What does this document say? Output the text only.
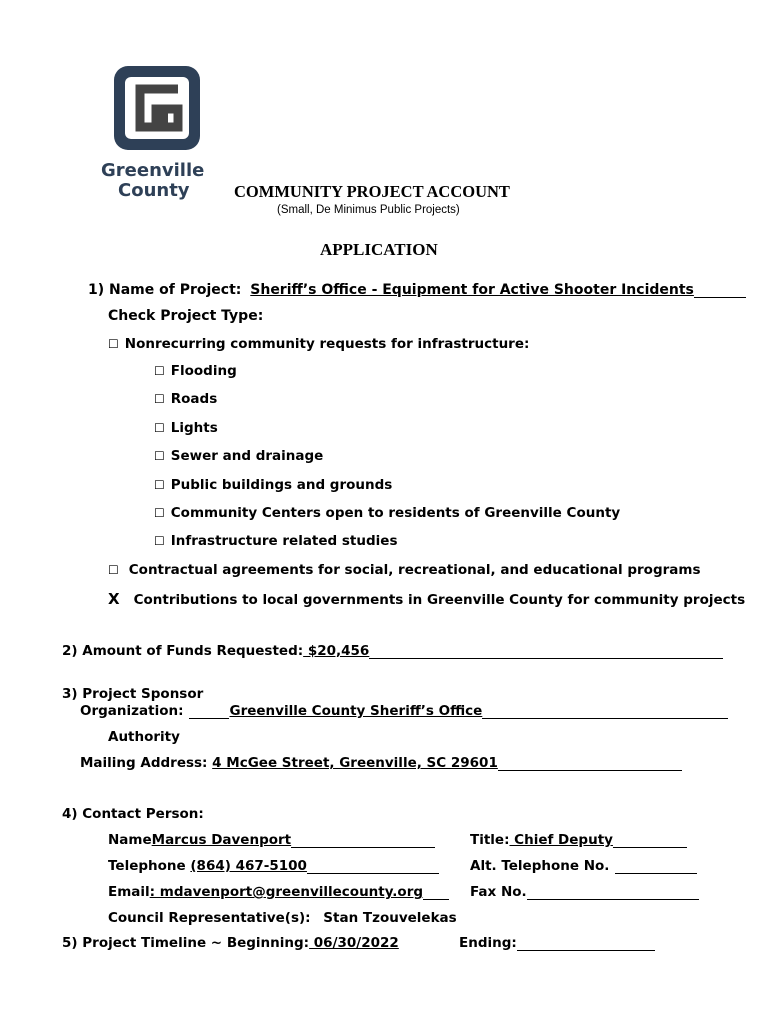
Greenville
County	COMMUNITY PROJECT ACCOUNT
(Small, De Minimus Public Projects)
APPLICATION
1) Name of Project: Sheriff’s Office - Equipment for Active Shooter Incidents
Check Project Type:
☐ Nonrecurring community requests for infrastructure:
☐ Flooding
☐ Roads
☐ Lights
☐ Sewer and drainage
☐ Public buildings and grounds
☐ Community Centers open to residents of Greenville County
☐ Infrastructure related studies
☐ Contractual agreements for social, recreational, and educational programs
X Contributions to local governments in Greenville County for community projects
2) Amount of Funds Requested: $20,456
3) Project Sponsor
Organization:	Greenville County Sheriff’s Office
Authority
Mailing Address: 4 McGee Street, Greenville, SC 29601
4) Contact Person:
NameMarcus Davenport	Title: Chief Deputy
Telephone (864) 467-5100	Alt. Telephone No.
Email: mdavenport@greenvillecounty.org	Fax No.
Council Representative(s): Stan Tzouvelekas
5) Project Timeline ~ Beginning: 06/30/2022	Ending:
